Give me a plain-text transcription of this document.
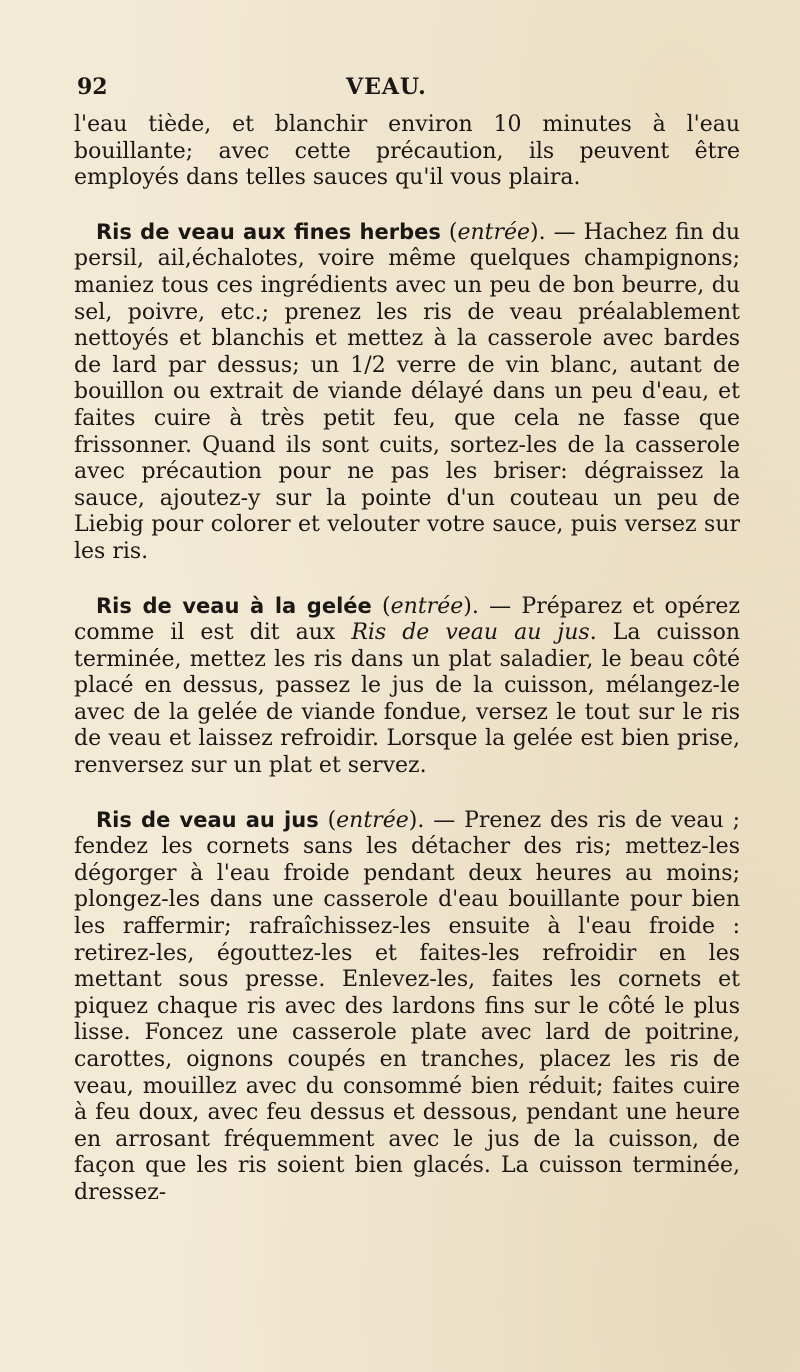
92	VEAU.

l'eau tiède, et blanchir environ 10 minutes à l'eau bouillante; avec cette précaution, ils peuvent être employés dans telles sauces qu'il vous plaira.

Ris de veau aux fines herbes (entrée). — Hachez fin du persil, ail,échalotes, voire même quelques champignons; maniez tous ces ingrédients avec un peu de bon beurre, du sel, poivre, etc.; prenez les ris de veau préalablement nettoyés et blanchis et mettez à la casserole avec bardes de lard par dessus; un 1/2 verre de vin blanc, autant de bouillon ou extrait de viande délayé dans un peu d'eau, et faites cuire à très petit feu, que cela ne fasse que frissonner. Quand ils sont cuits, sortez-les de la casserole avec précaution pour ne pas les briser: dégraissez la sauce, ajoutez-y sur la pointe d'un couteau un peu de Liebig pour colorer et velouter votre sauce, puis versez sur les ris.

Ris de veau à la gelée (entrée). — Préparez et opérez comme il est dit aux Ris de veau au jus. La cuisson terminée, mettez les ris dans un plat saladier, le beau côté placé en dessus, passez le jus de la cuisson, mélangez-le avec de la gelée de viande fondue, versez le tout sur le ris de veau et laissez refroidir. Lorsque la gelée est bien prise, renversez sur un plat et servez.

Ris de veau au jus (entrée). — Prenez des ris de veau ; fendez les cornets sans les détacher des ris; mettez-les dégorger à l'eau froide pendant deux heures au moins; plongez-les dans une casserole d'eau bouillante pour bien les raffermir; rafraîchissez-les ensuite à l'eau froide : retirez-les, égouttez-les et faites-les refroidir en les mettant sous presse. Enlevez-les, faites les cornets et piquez chaque ris avec des lardons fins sur le côté le plus lisse. Foncez une casserole plate avec lard de poitrine, carottes, oignons coupés en tranches, placez les ris de veau, mouillez avec du consommé bien réduit; faites cuire à feu doux, avec feu dessus et dessous, pendant une heure en arrosant fréquemment avec le jus de la cuisson, de façon que les ris soient bien glacés. La cuisson terminée, dressez-
